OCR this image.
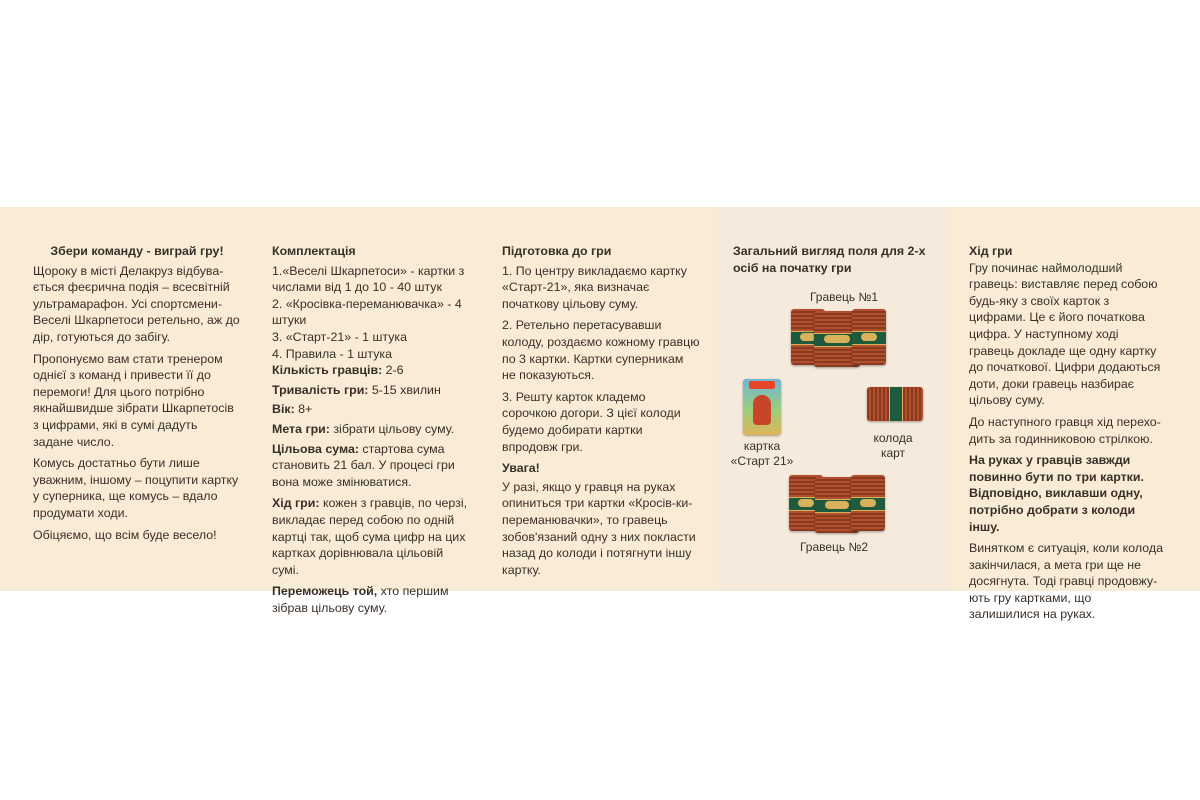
Збери команду - виграй гру!

Щороку в місті Делакруз відбува-ється феєрична подія – всесвітній ультрамарафон. Усі спортсмени-Веселі Шкарпетоси ретельно, аж до дір, готуються до забігу.

Пропонуємо вам стати тренером однієї з команд і привести її до перемоги! Для цього потрібно якнайшвидше зібрати Шкарпетосів з цифрами, які в сумі дадуть задане число.

Комусь достатньо бути лише уважним, іншому – поцупити картку у суперника, ще комусь – вдало продумати ходи.

Обіцяємо, що всім буде весело!

Комплектація

1.«Веселі Шкарпетоси» - картки з числами від 1 до 10 - 40 штук
2. «Кросівка-переманювачка» - 4 штуки
3. «Старт-21» - 1 штука
4. Правила - 1 штука

Кількість гравців: 2-6

Тривалість гри: 5-15 хвилин

Вік: 8+

Мета гри: зібрати цільову суму.

Цільова сума: стартова сума становить 21 бал. У процесі гри вона може змінюватися.

Хід гри: кожен з гравців, по черзі, викладає перед собою по одній картці так, щоб сума цифр на цих картках дорівнювала цільовій сумі.

Переможець той, хто першим зібрав цільову суму.

Підготовка до гри

1. По центру викладаємо картку «Старт-21», яка визначає початкову цільову суму.

2. Ретельно перетасувавши колоду, роздаємо кожному гравцю по 3 картки. Картки суперникам не показуються.

3. Решту карток кладемо сорочкою догори. З цієї колоди будемо добирати картки впродовж гри.

Увага!

У разі, якщо у гравця на руках опиниться три картки «Кросів-ки-переманювачки», то гравець зобов'язаний одну з них покласти назад до колоди і потягнути іншу картку.

Загальний вигляд поля для 2-х осіб на початку гри
Гравець №1
картка «Старт 21»
колода карт
Гравець №2

Хід гри

Гру починає наймолодший гравець: виставляє перед собою будь-яку з своїх карток з цифрами. Це є його початкова цифра. У наступному ході гравець докладе ще одну картку до початкової. Цифри додаються доти, доки гравець назбирає цільову суму.

До наступного гравця хід перехо-дить за годинниковою стрілкою.

На руках у гравців завжди повинно бути по три картки. Відповідно, виклавши одну, потрібно добрати з колоди іншу.

Винятком є ситуація, коли колода закінчилася, а мета гри ще не досягнута. Тоді гравці продовжу-ють гру картками, що залишилися на руках.
